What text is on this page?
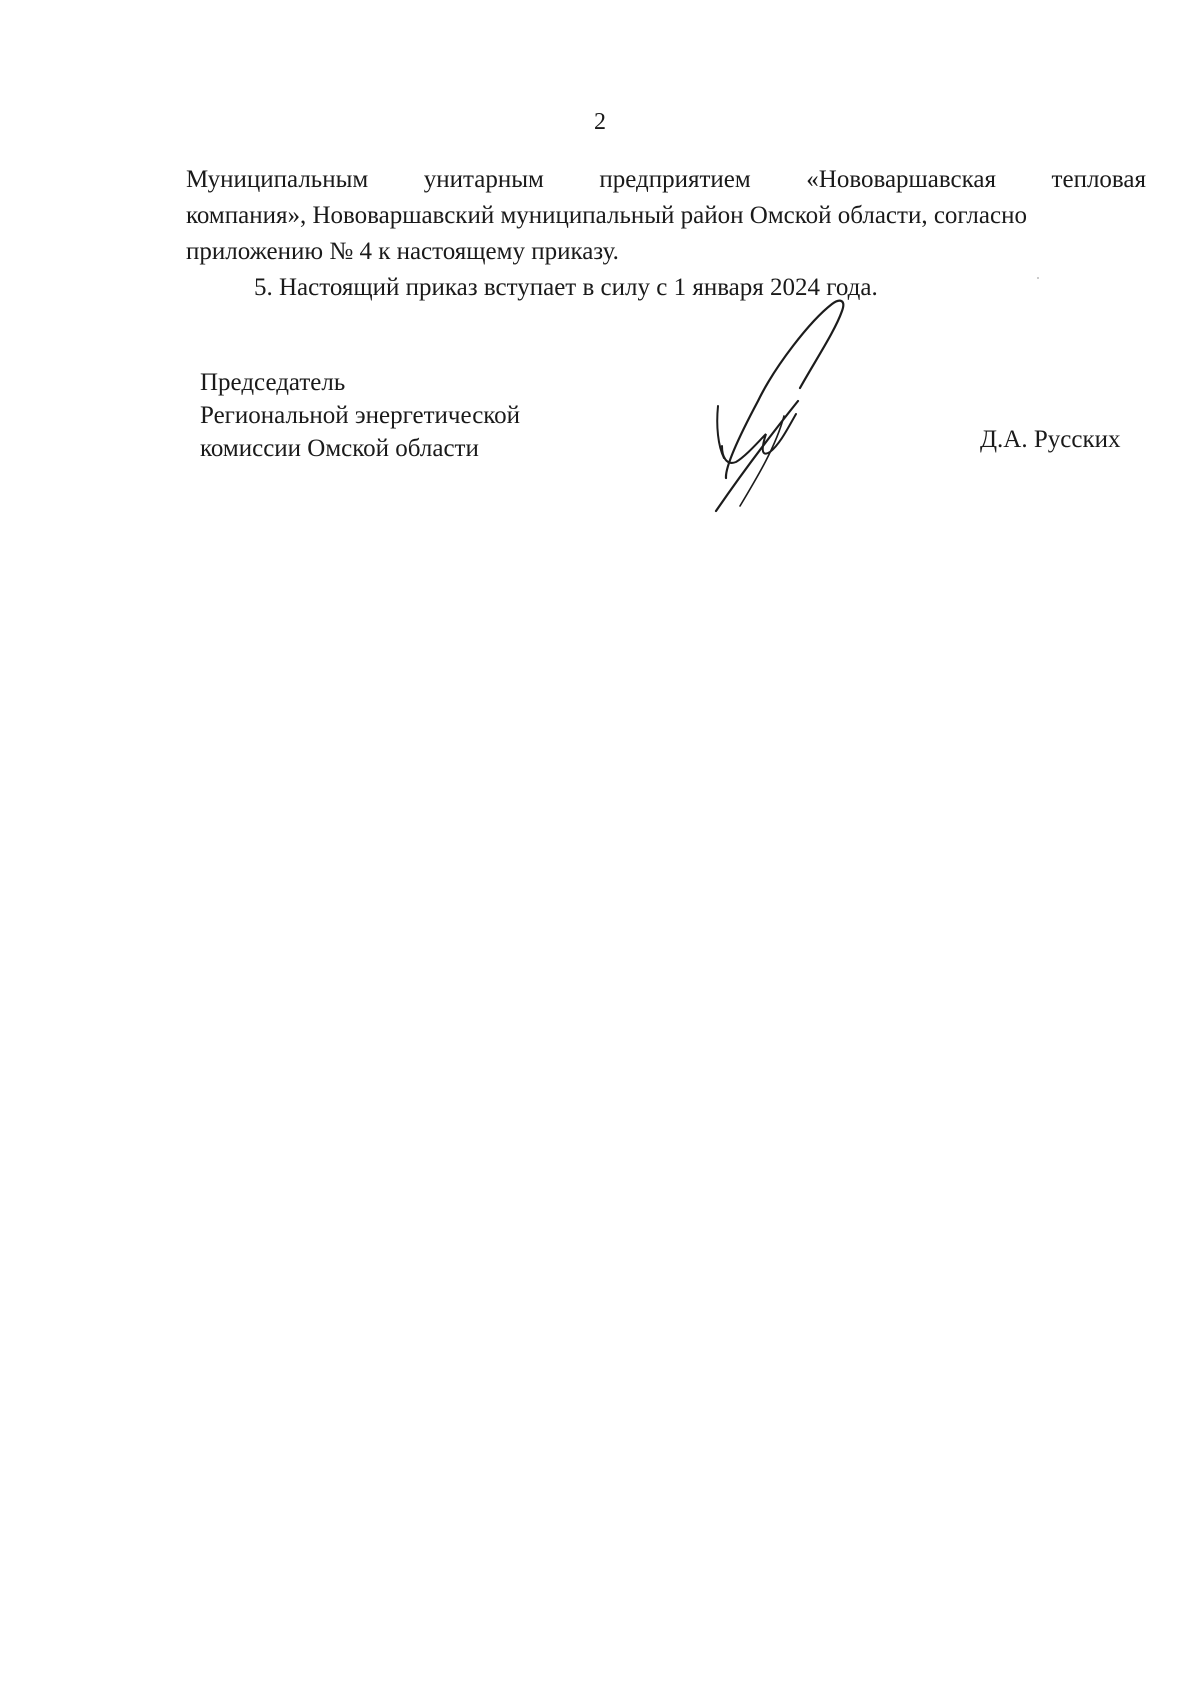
2
Муниципальным унитарным предприятием «Нововаршавская тепловая
компания», Нововаршавский муниципальный район Омской области, согласно
приложению № 4 к настоящему приказу.
5. Настоящий приказ вступает в силу с 1 января 2024 года.
Председатель
Региональной энергетической
комиссии Омской области	Д.А. Русских
